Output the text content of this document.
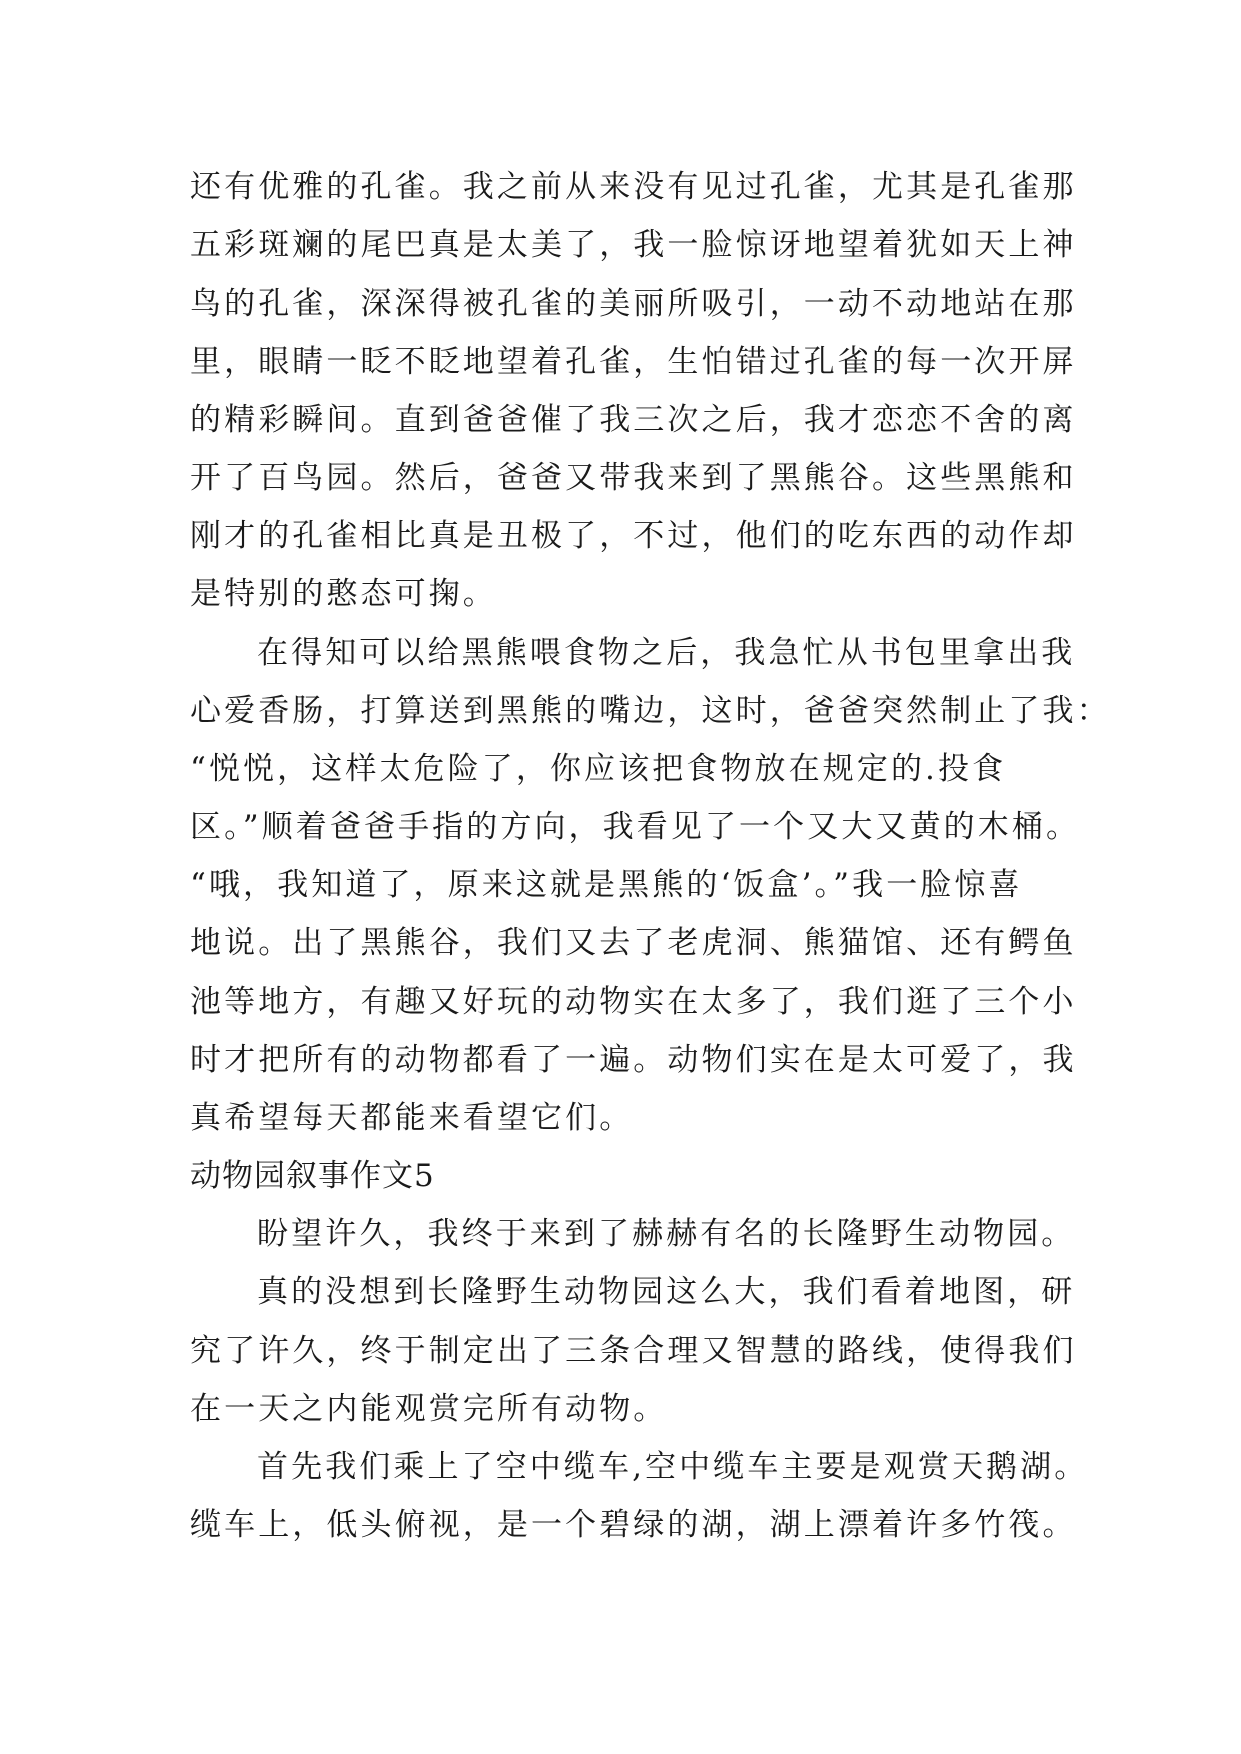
还有优雅的孔雀。我之前从来没有见过孔雀，尤其是孔雀那
五彩斑斓的尾巴真是太美了，我一脸惊讶地望着犹如天上神
鸟的孔雀，深深得被孔雀的美丽所吸引，一动不动地站在那
里，眼睛一眨不眨地望着孔雀，生怕错过孔雀的每一次开屏
的精彩瞬间。直到爸爸催了我三次之后，我才恋恋不舍的离
开了百鸟园。然后，爸爸又带我来到了黑熊谷。这些黑熊和
刚才的孔雀相比真是丑极了，不过，他们的吃东西的动作却
是特别的憨态可掬。
在得知可以给黑熊喂食物之后，我急忙从书包里拿出我
心爱香肠，打算送到黑熊的嘴边，这时，爸爸突然制止了我：
“悦悦，这样太危险了，你应该把食物放在规定的.投食
区。”顺着爸爸手指的方向，我看见了一个又大又黄的木桶。
“哦，我知道了，原来这就是黑熊的‘饭盒’。”我一脸惊喜
地说。出了黑熊谷，我们又去了老虎洞、熊猫馆、还有鳄鱼
池等地方，有趣又好玩的动物实在太多了，我们逛了三个小
时才把所有的动物都看了一遍。动物们实在是太可爱了，我
真希望每天都能来看望它们。
动物园叙事作文5
盼望许久，我终于来到了赫赫有名的长隆野生动物园。
真的没想到长隆野生动物园这么大，我们看着地图，研
究了许久，终于制定出了三条合理又智慧的路线，使得我们
在一天之内能观赏完所有动物。
首先我们乘上了空中缆车,空中缆车主要是观赏天鹅湖。
缆车上，低头俯视，是一个碧绿的湖，湖上漂着许多竹筏。
